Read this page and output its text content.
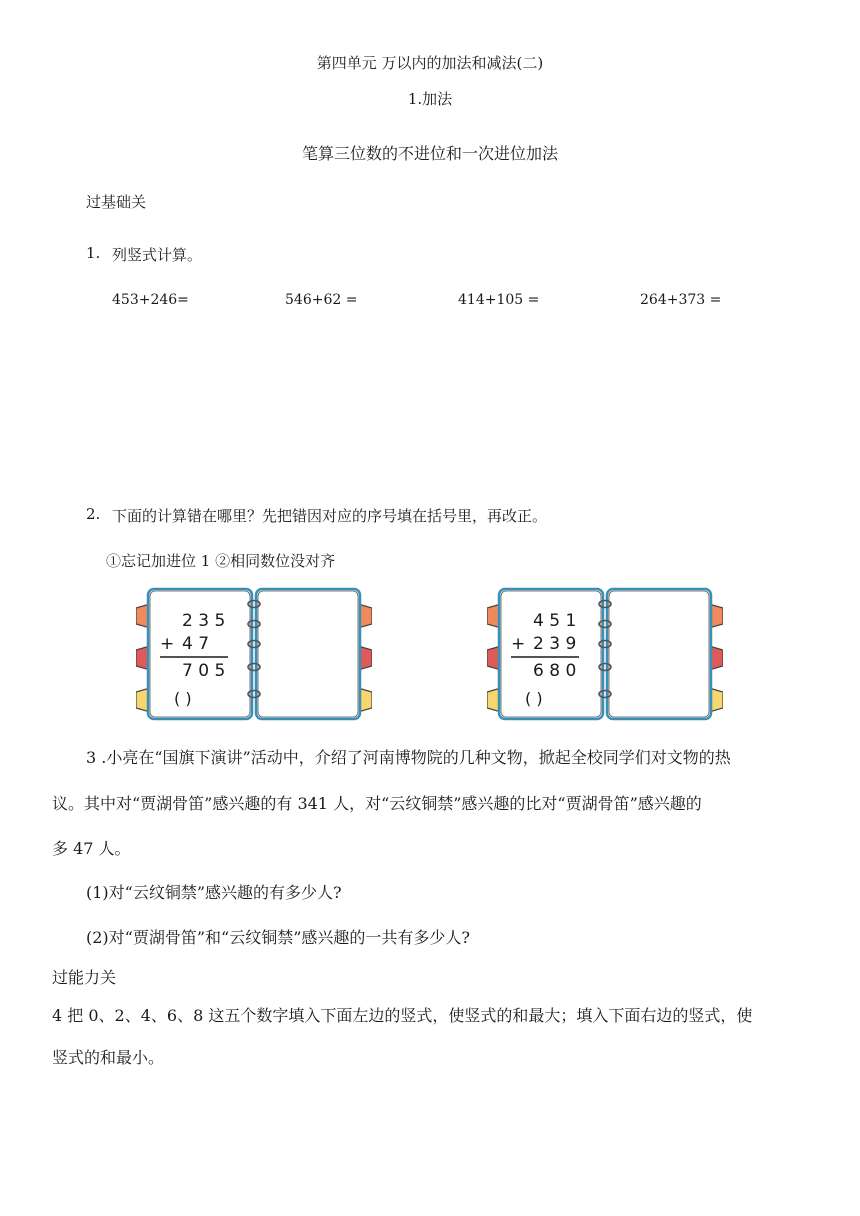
第四单元 万以内的加法和减法(二)
1.加法
笔算三位数的不进位和一次进位加法
过基础关
1. 列竖式计算。
453+246=	546+62 =	414+105 =	264+373 =
2. 下面的计算错在哪里？先把错因对应的序号填在括号里，再改正。
①忘记加进位 1 ②相同数位没对齐
2 3 5
+ 4 7
7 0 5
( )
4 5 1
+ 2 3 9
6 8 0
( )
3 .小亮在“国旗下演讲”活动中，介绍了河南博物院的几种文物，掀起全校同学们对文物的热
议。其中对“贾湖骨笛”感兴趣的有 341 人，对“云纹铜禁”感兴趣的比对“贾湖骨笛”感兴趣的
多 47 人。
(1)对“云纹铜禁”感兴趣的有多少人?
(2)对“贾湖骨笛”和“云纹铜禁”感兴趣的一共有多少人?
过能力关
4 把 0、2、4、6、8 这五个数字填入下面左边的竖式，使竖式的和最大；填入下面右边的竖式，使
竖式的和最小。
